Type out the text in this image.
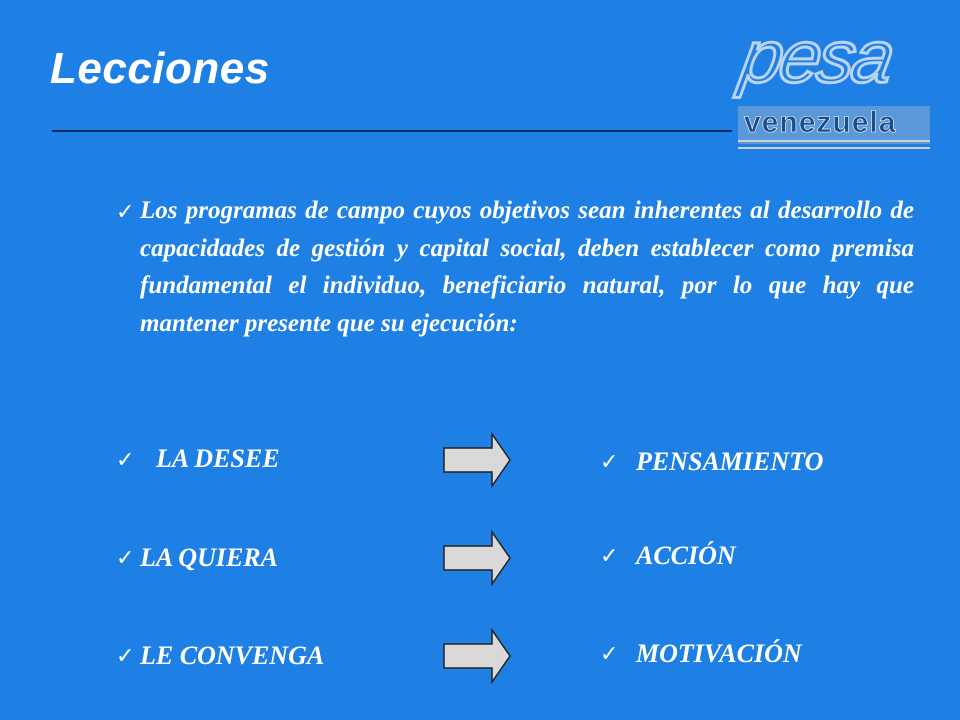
Lecciones	pesa
venezuela
✓ Los programas de campo cuyos objetivos sean inherentes al desarrollo de capacidades de gestión y capital social, deben establecer como premisa fundamental el individuo, beneficiario natural, por lo que hay que mantener presente que su ejecución:
✓ LA DESEE
✓ LA QUIERA
✓ LE CONVENGA
✓ PENSAMIENTO
✓ ACCIÓN
✓ MOTIVACIÓN
